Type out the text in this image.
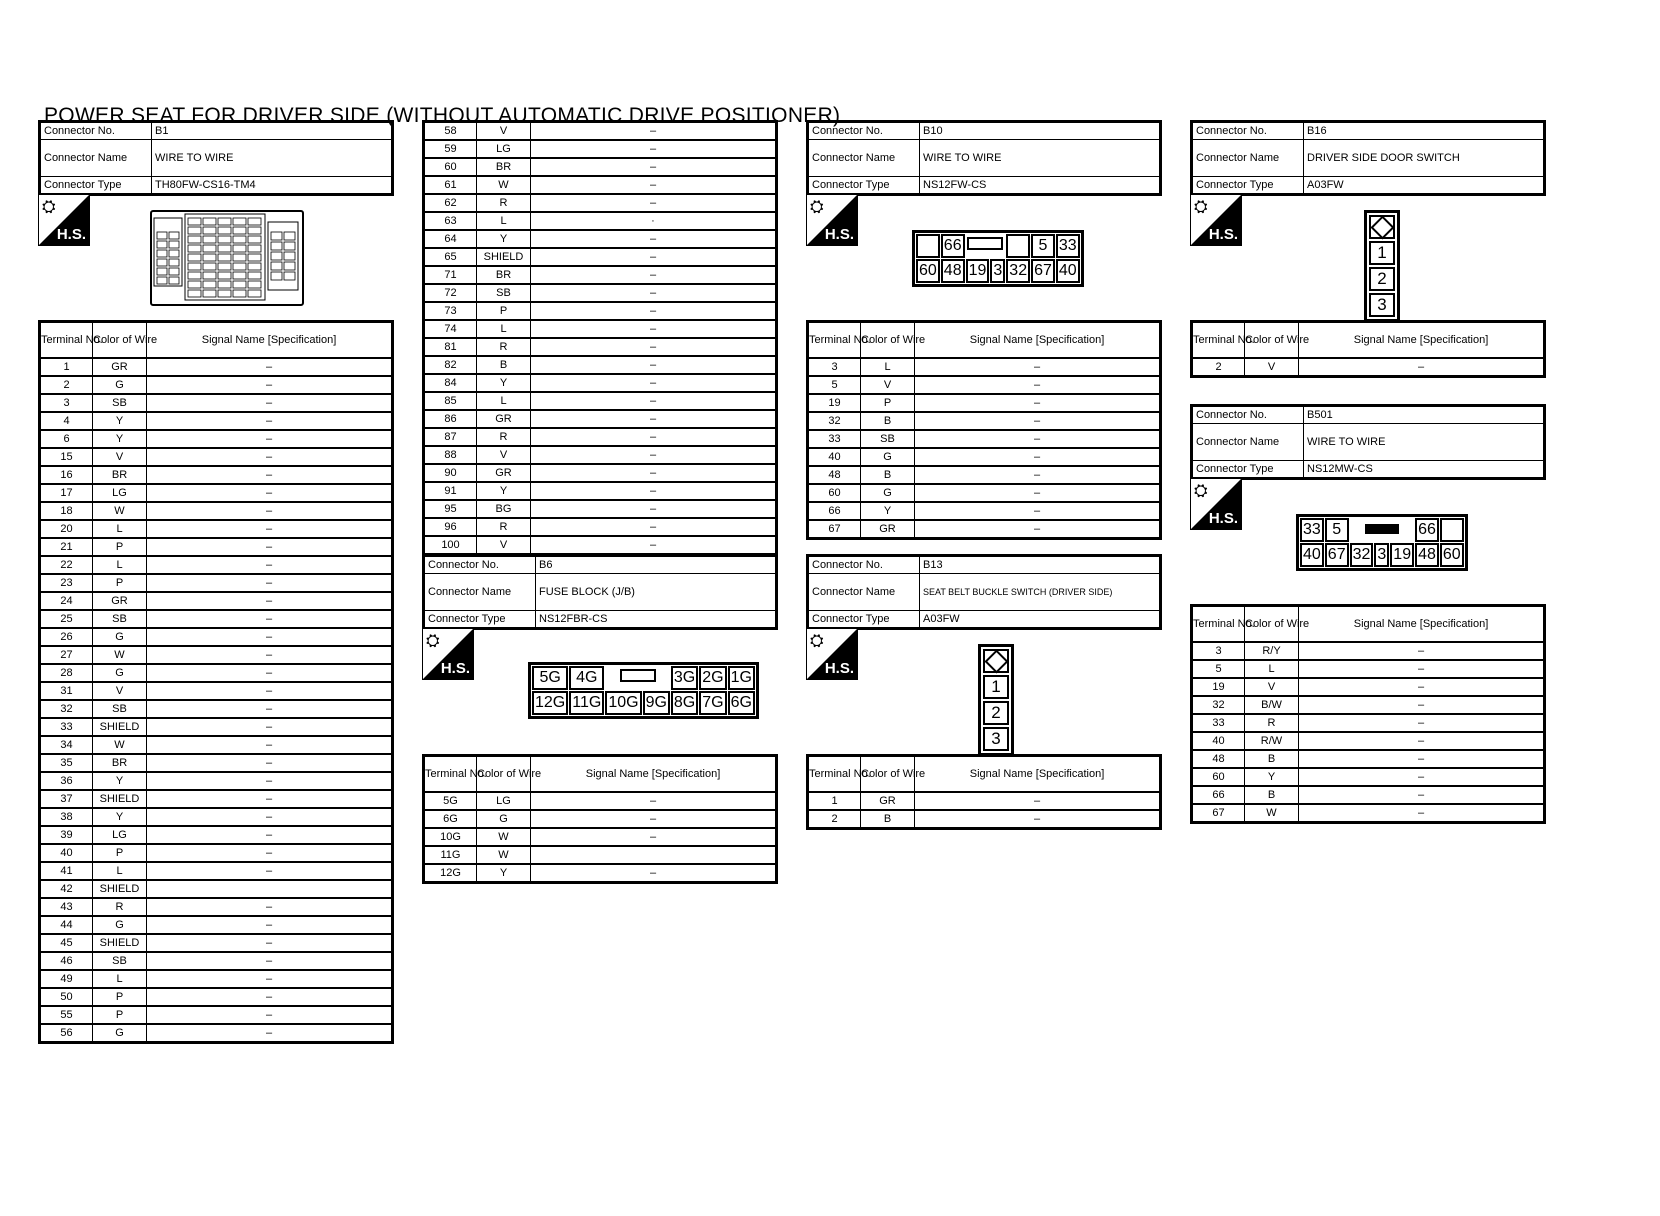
POWER SEAT FOR DRIVER SIDE (WITHOUT AUTOMATIC DRIVE POSITIONER)
Connector No.	B1
Connector Name	WIRE TO WIRE
Connector Type	TH80FW-CS16-TM4
⛭
H.S.
Terminal No.	Color of Wire	Signal Name [Specification]
1	GR	–
2	G	–
3	SB	–
4	Y	–
6	Y	–
15	V	–
16	BR	–
17	LG	–
18	W	–
20	L	–
21	P	–
22	L	–
23	P	–
24	GR	–
25	SB	–
26	G	–
27	W	–
28	G	–
31	V	–
32	SB	–
33	SHIELD	–
34	W	–
35	BR	–
36	Y	–
37	SHIELD	–
38	Y	–
39	LG	–
40	P	–
41	L	–
42	SHIELD	
43	R	–
44	G	–
45	SHIELD	–
46	SB	–
49	L	–
50	P	–
55	P	–
56	G	–
58	V	–
59	LG	–
60	BR	–
61	W	–
62	R	–
63	L	·
64	Y	–
65	SHIELD	–
71	BR	–
72	SB	–
73	P	–
74	L	–
81	R	–
82	B	–
84	Y	–
85	L	–
86	GR	–
87	R	–
88	V	–
90	GR	–
91	Y	–
95	BG	–
96	R	–
100	V	–
Connector No.	B6
Connector Name	FUSE BLOCK (J/B)
Connector Type	NS12FBR-CS
⛭
H.S.
5G	4G			3G	2G	1G
12G	11G	10G	9G	8G	7G	6G
Terminal No.	Color of Wire	Signal Name [Specification]
5G	LG	–
6G	G	–
10G	W	–
11G	W	
12G	Y	–
Connector No.	B10
Connector Name	WIRE TO WIRE
Connector Type	NS12FW-CS
⛭
H.S.
	66				5	33
60	48	19	3	32	67	40
Terminal No.	Color of Wire	Signal Name [Specification]
3	L	–
5	V	–
19	P	–
32	B	–
33	SB	–
40	G	–
48	B	–
60	G	–
66	Y	–
67	GR	–
Connector No.	B13
Connector Name	SEAT BELT BUCKLE SWITCH (DRIVER SIDE)
Connector Type	A03FW
⛭
H.S.
1
2
3
Terminal No.	Color of Wire	Signal Name [Specification]
1	GR	–
2	B	–
Connector No.	B16
Connector Name	DRIVER SIDE DOOR SWITCH
Connector Type	A03FW
⛭
H.S.
1
2
3
Terminal No.	Color of Wire	Signal Name [Specification]
2	V	–
Connector No.	B501
Connector Name	WIRE TO WIRE
Connector Type	NS12MW-CS
⛭
H.S.
33	5				66	
40	67	32	3	19	48	60
Terminal No.	Color of Wire	Signal Name [Specification]
3	R/Y	–
5	L	–
19	V	–
32	B/W	–
33	R	–
40	R/W	–
48	B	–
60	Y	–
66	B	–
67	W	–
